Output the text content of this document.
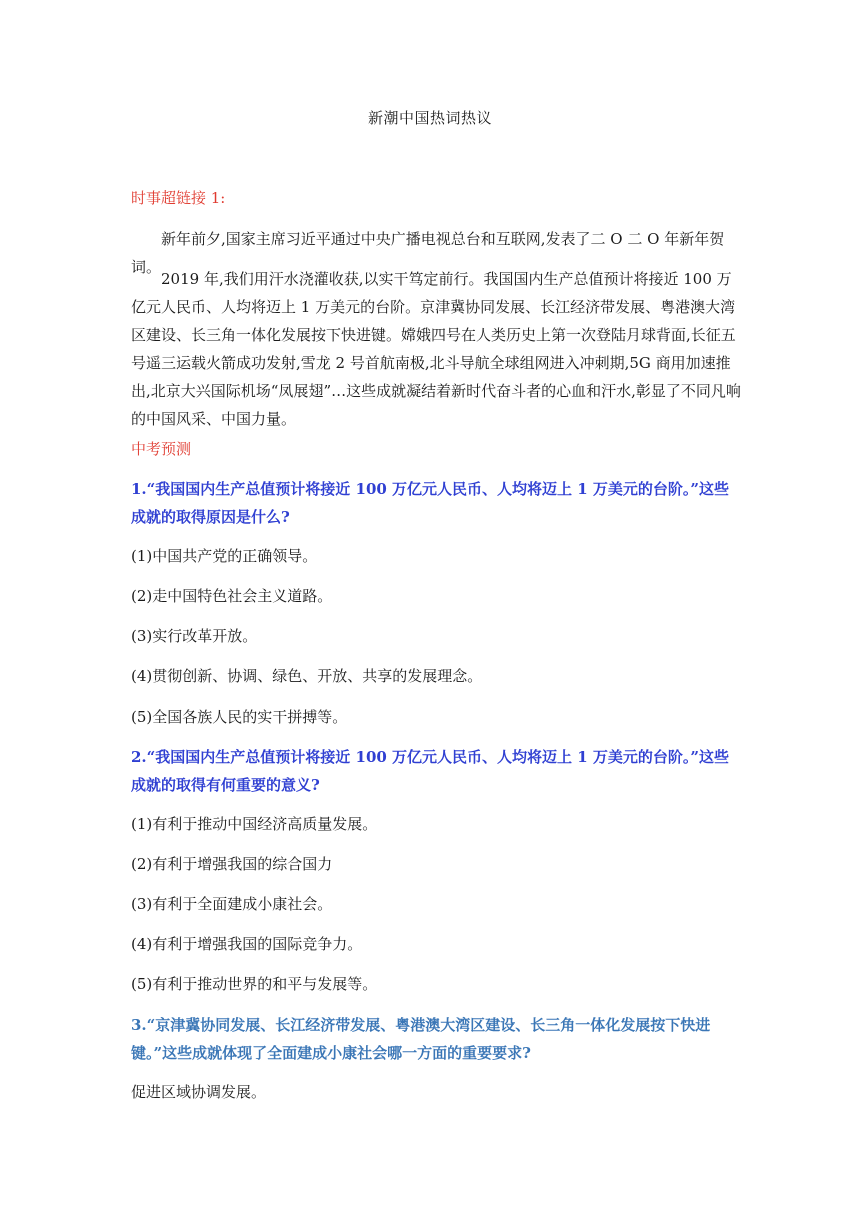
新潮中国热词热议
时事超链接 1:

新年前夕,国家主席习近平通过中央广播电视总台和互联网,发表了二 O 二 O 年新年贺词。

2019 年,我们用汗水浇灌收获,以实干笃定前行。我国国内生产总值预计将接近 100 万亿元人民币、人均将迈上 1 万美元的台阶。京津冀协同发展、长江经济带发展、粤港澳大湾区建设、长三角一体化发展按下快进键。嫦娥四号在人类历史上第一次登陆月球背面,长征五号遥三运载火箭成功发射,雪龙 2 号首航南极,北斗导航全球组网进入冲刺期,5G 商用加速推出,北京大兴国际机场“凤展翅”…这些成就凝结着新时代奋斗者的心血和汗水,彰显了不同凡响的中国风采、中国力量。

中考预测
1.“我国国内生产总值预计将接近 100 万亿元人民币、人均将迈上 1 万美元的台阶。”这些成就的取得原因是什么?
(1)中国共产党的正确领导。
(2)走中国特色社会主义道路。
(3)实行改革开放。
(4)贯彻创新、协调、绿色、开放、共享的发展理念。
(5)全国各族人民的实干拼搏等。
2.“我国国内生产总值预计将接近 100 万亿元人民币、人均将迈上 1 万美元的台阶。”这些成就的取得有何重要的意义?
(1)有利于推动中国经济高质量发展。
(2)有利于增强我国的综合国力
(3)有利于全面建成小康社会。
(4)有利于增强我国的国际竞争力。
(5)有利于推动世界的和平与发展等。
3.“京津冀协同发展、长江经济带发展、粤港澳大湾区建设、长三角一体化发展按下快进键。”这些成就体现了全面建成小康社会哪一方面的重要要求?
促进区域协调发展。
